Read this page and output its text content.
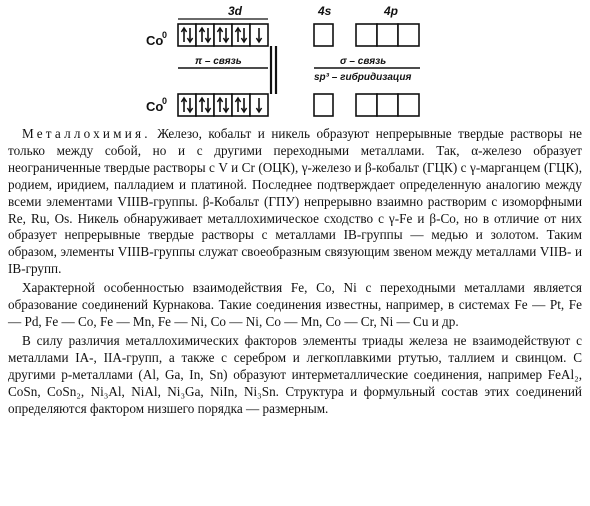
Co
0
Co
0
3d	4s	4p
π – связь	σ – связь
sp³ – гибридизация

Металлохимия. Железо, кобальт и никель образуют непрерывные твердые растворы не только между собой, но и с другими переходными металлами. Так, α-железо образует неограниченные твердые растворы с V и Cr (ОЦК), γ-железо и β-кобальт (ГЦК) с γ-марганцем (ГЦК), родием, иридием, палладием и платиной. Последнее подтверждает определенную аналогию между всеми элементами VIIIB-группы. β-Кобальт (ГПУ) непрерывно взаимно растворим с изоморфными Re, Ru, Os. Никель обнаруживает металлохимическое сходство с γ-Fe и β-Co, но в отличие от них образует непрерывные твердые растворы с металлами IB-группы — медью и золотом. Таким образом, элементы VIIIB-группы служат своеобразным связующим звеном между металлами VIIB- и IB-групп.

Характерной особенностью взаимодействия Fe, Co, Ni с переходными металлами является образование соединений Курнакова. Такие соединения известны, например, в системах Fe — Pt, Fe — Pd, Fe — Co, Fe — Mn, Fe — Ni, Co — Ni, Co — Mn, Co — Cr, Ni — Cu и др.

В силу различия металлохимических факторов элементы триады железа не взаимодействуют с металлами IA-, IIA-групп, а также с серебром и легкоплавкими ртутью, таллием и свинцом. С другими p-металлами (Al, Ga, In, Sn) образуют интерметаллические соединения, например FeAl₂, CoSn, CoSn₂, Ni₃Al, NiAl, Ni₃Ga, NiIn, Ni₃Sn. Структура и формульный состав этих соединений определяются фактором низшего порядка — размерным.
